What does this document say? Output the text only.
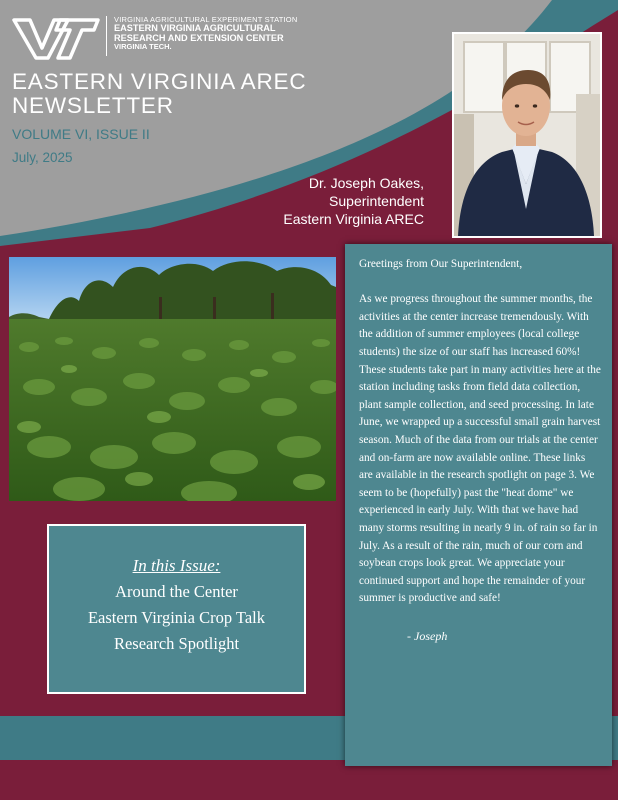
VIRGINIA AGRICULTURAL EXPERIMENT STATION
EASTERN VIRGINIA AGRICULTURAL
RESEARCH AND EXTENSION CENTER
VIRGINIA TECH.
EASTERN VIRGINIA AREC
NEWSLETTER
VOLUME VI, ISSUE II
July, 2025
Dr. Joseph Oakes,
Superintendent
Eastern Virginia AREC
In this Issue:
Around the Center
Eastern Virginia Crop Talk
Research Spotlight

Greetings from Our Superintendent,

As we progress throughout the summer months, the activities at the center increase tremendously. With the addition of summer employees (local college students) the size of our staff has increased 60%! These students take part in many activities here at the station including tasks from field data collection, plant sample collection, and seed processing. In late June, we wrapped up a successful small grain harvest season. Much of the data from our trials at the center and on-farm are now available online. These links are available in the research spotlight on page 3. We seem to be (hopefully) past the "heat dome" we experienced in early July. With that we have had many storms resulting in nearly 9 in. of rain so far in July. As a result of the rain, much of our corn and soybean crops look great. We appreciate your continued support and hope the remainder of your summer is productive and safe!

- Joseph
